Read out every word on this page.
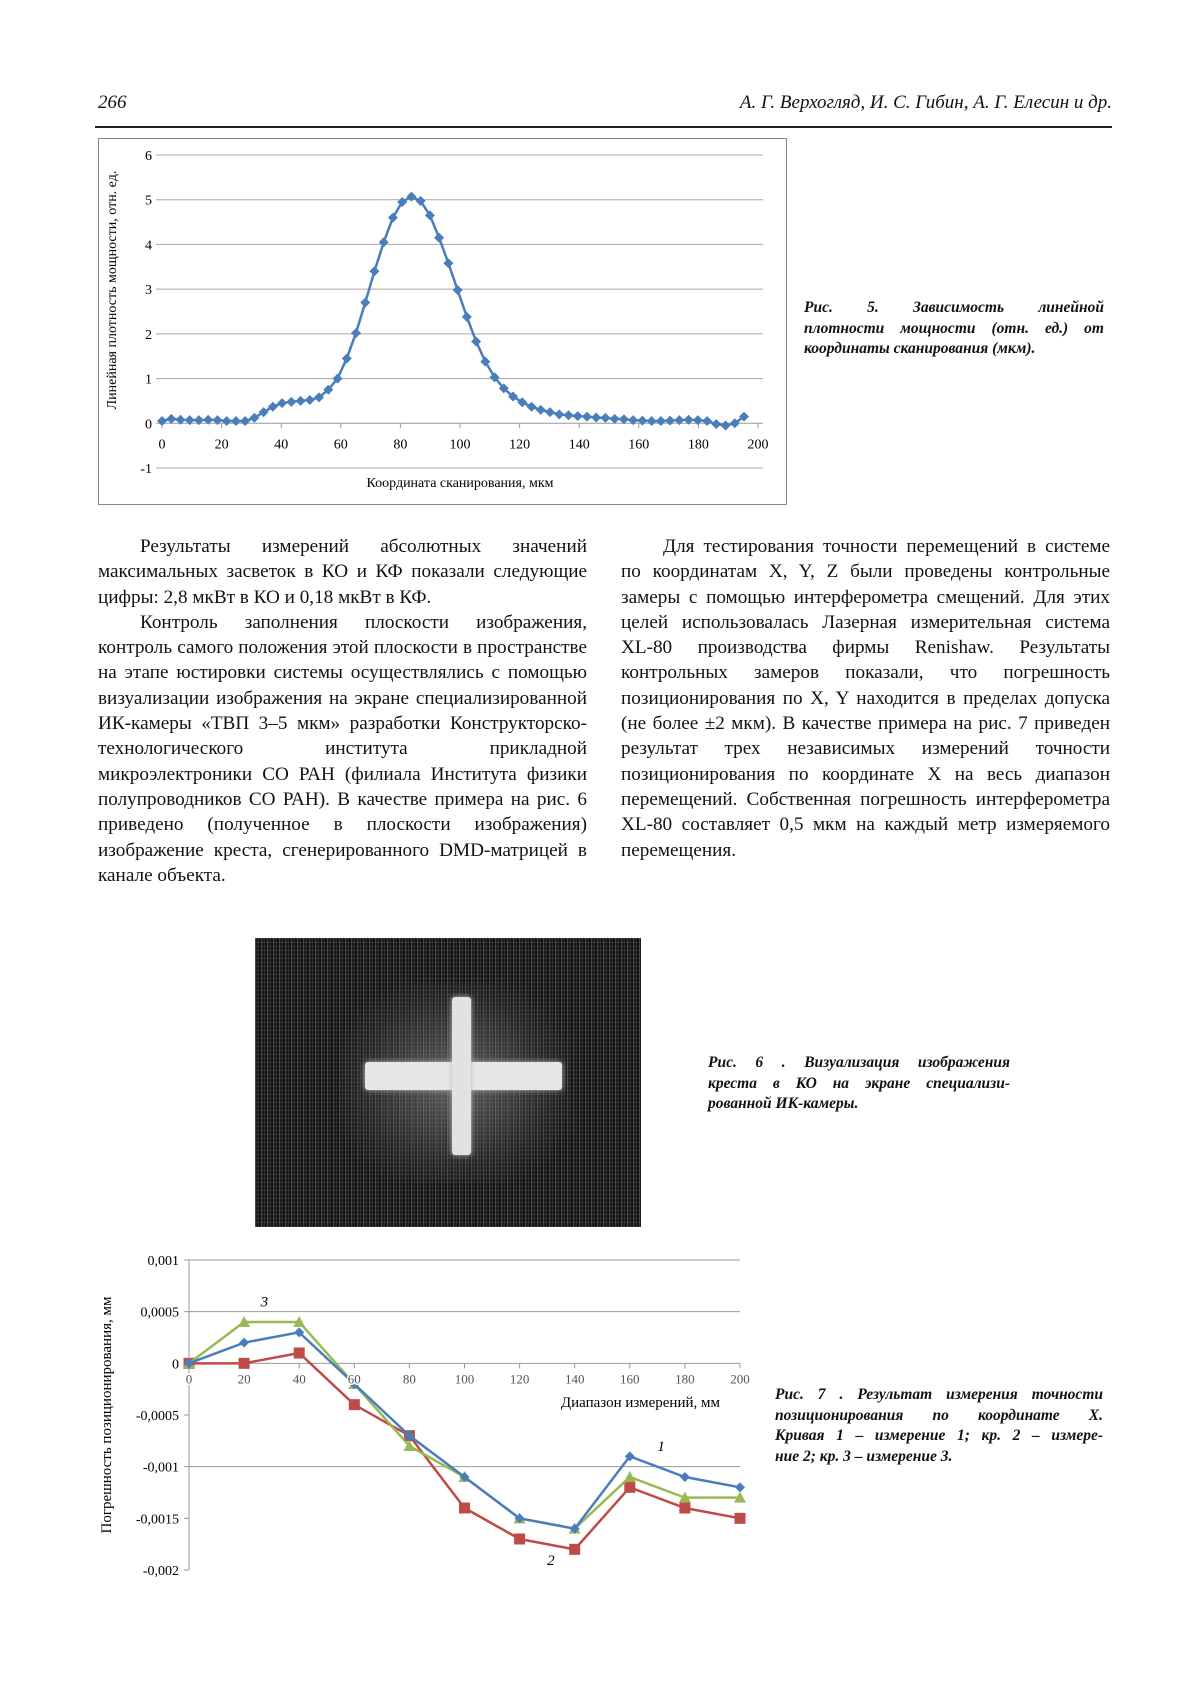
266	А. Г. Верхогляд, И. С. Гибин, А. Г. Елесин и др.
-1
0
1
2
3
4
5
6
Координата сканирования, мкм
Линейная плотность мощности, отн. ед.
0	20	40	60	80	100	120	140	160	180	200
Рис. 5. Зависимость линейной
плотности мощности (отн. ед.) от
координаты сканирования (мкм).

Результаты измерений абсолютных значений максимальных засветок в КО и КФ показали следующие цифры: 2,8 мкВт в КО и 0,18 мкВт в КФ.

Контроль заполнения плоскости изображения, контроль самого положения этой плоскости в пространстве на этапе юстировки системы осуществлялись с помощью визуализации изображения на экране специализированной ИК-камеры «ТВП 3–5 мкм» разработки Конструкторско-технологического института прикладной микроэлектроники СО РАН (филиала Института физики полупроводников СО РАН). В качестве примера на рис. 6 приведено (полученное в плоскости изображения) изображение креста, сгенерированного DMD-матрицей в канале объекта.

Для тестирования точности перемещений в системе по координатам X, Y, Z были проведены контрольные замеры с помощью интерферометра смещений. Для этих целей использовалась Лазерная измерительная система XL-80 производства фирмы Renishaw. Результаты контрольных замеров показали, что погрешность позиционирования по X, Y находится в пределах допуска (не более ±2 мкм). В качестве примера на рис. 7 приведен результат трех независимых измерений точности позиционирования по координате X на весь диапазон перемещений. Собственная погрешность интерферометра XL-80 составляет 0,5 мкм на каждый метр измеряемого перемещения.

Рис. 6 . Визуализация изображения
креста в КО на экране специализи-
рованной ИК-камеры.
0,001
0,0005
0
-0,0005
-0,001
-0,0015
-0,002
Диапазон измерений, мм
Погрешность позиционирования, мм	0	20	40	60	80	100	120	140	160	180	200
1
2
3
Рис. 7 . Результат измерения точности
позиционирования по координате X.
Кривая 1 – измерение 1; кр. 2 – измере-
ние 2; кр. 3 – измерение 3.
